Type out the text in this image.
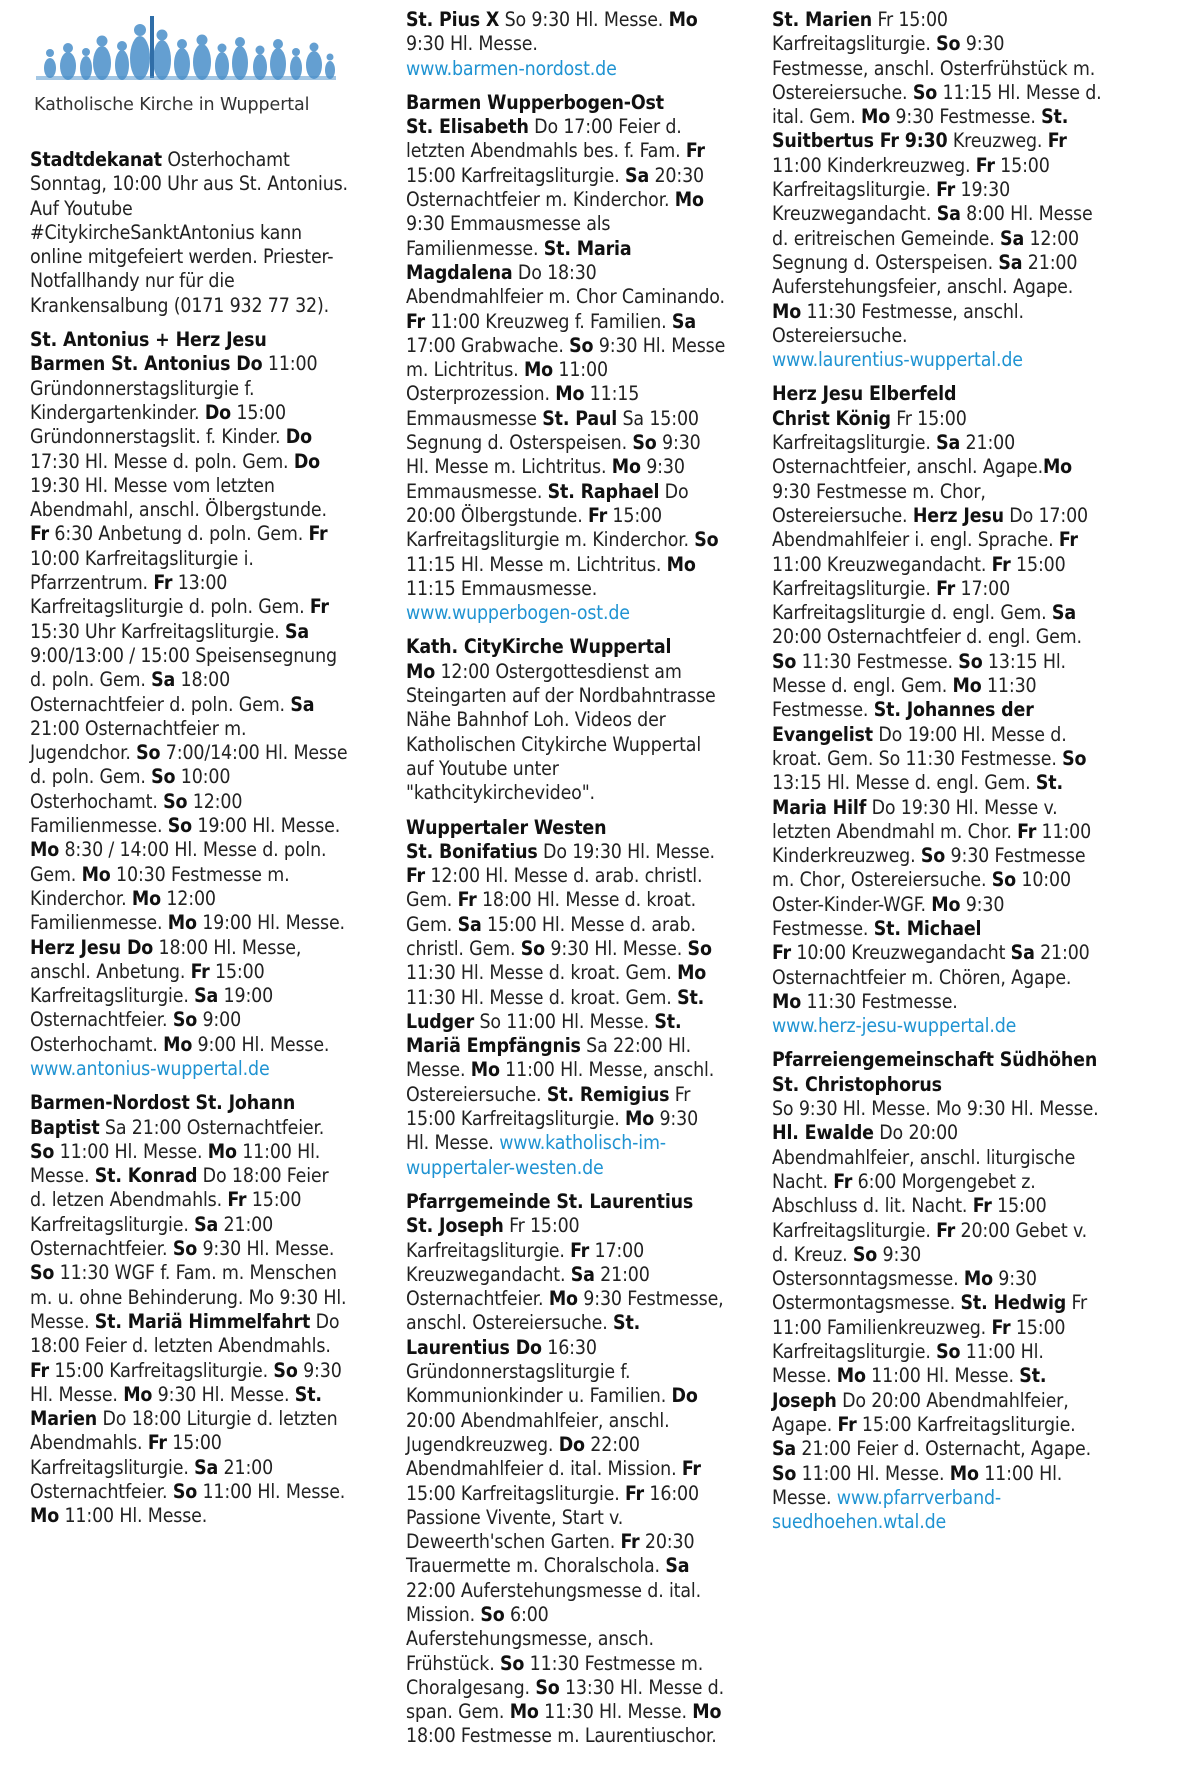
Katholische Kirche in Wuppertal

Stadtdekanat Osterhochamt Sonntag, 10:00 Uhr aus St. Antonius. Auf Youtube #CitykircheSanktAntonius kann online mitgefeiert werden. Priester-Notfallhandy nur für die Krankensalbung (0171 932 77 32).

St. Antonius + Herz Jesu
Barmen St. Antonius Do 11:00 Gründonnerstagsliturgie f. Kindergartenkinder. Do 15:00 Gründonnerstagslit. f. Kinder. Do 17:30 Hl. Messe d. poln. Gem. Do 19:30 Hl. Messe vom letzten Abendmahl, anschl. Ölbergstunde. Fr 6:30 Anbetung d. poln. Gem. Fr 10:00 Karfreitagsliturgie i. Pfarrzentrum. Fr 13:00 Karfreitagsliturgie d. poln. Gem. Fr 15:30 Uhr Karfreitagsliturgie. Sa 9:00/13:00 / 15:00 Speisensegnung d. poln. Gem. Sa 18:00 Osternachtfeier d. poln. Gem. Sa 21:00 Osternachtfeier m. Jugendchor. So 7:00/14:00 Hl. Messe d. poln. Gem. So 10:00 Osterhochamt. So 12:00 Familienmesse. So 19:00 Hl. Messe. Mo 8:30 / 14:00 Hl. Messe d. poln. Gem. Mo 10:30 Festmesse m. Kinderchor. Mo 12:00 Familienmesse. Mo 19:00 Hl. Messe. Herz Jesu Do 18:00 Hl. Messe, anschl. Anbetung. Fr 15:00 Karfreitagsliturgie. Sa 19:00 Osternachtfeier. So 9:00 Osterhochamt. Mo 9:00 Hl. Messe.
www.antonius-wuppertal.de

Barmen-Nordost St. Johann Baptist Sa 21:00 Osternachtfeier. So 11:00 Hl. Messe. Mo 11:00 Hl. Messe. St. Konrad Do 18:00 Feier d. letzen Abendmahls. Fr 15:00 Karfreitagsliturgie. Sa 21:00 Osternachtfeier. So 9:30 Hl. Messe. So 11:30 WGF f. Fam. m. Menschen m. u. ohne Behinderung. Mo 9:30 Hl. Messe. St. Mariä Himmelfahrt Do 18:00 Feier d. letzten Abendmahls. Fr 15:00 Karfreitagsliturgie. So 9:30 Hl. Messe. Mo 9:30 Hl. Messe. St. Marien Do 18:00 Liturgie d. letzten Abendmahls. Fr 15:00 Karfreitagsliturgie. Sa 21:00 Osternachtfeier. So 11:00 Hl. Messe. Mo 11:00 Hl. Messe.

St. Pius X So 9:30 Hl. Messe. Mo 9:30 Hl. Messe.
www.barmen-nordost.de

Barmen Wupperbogen-Ost
St. Elisabeth Do 17:00 Feier d. letzten Abendmahls bes. f. Fam. Fr 15:00 Karfreitagsliturgie. Sa 20:30 Osternachtfeier m. Kinderchor. Mo 9:30 Emmausmesse als Familienmesse. St. Maria Magdalena Do 18:30 Abendmahlfeier m. Chor Caminando. Fr 11:00 Kreuzweg f. Familien. Sa 17:00 Grabwache. So 9:30 Hl. Messe m. Lichtritus. Mo 11:00 Osterprozession. Mo 11:15 Emmausmesse St. Paul Sa 15:00 Segnung d. Osterspeisen. So 9:30 Hl. Messe m. Lichtritus. Mo 9:30 Emmausmesse. St. Raphael Do 20:00 Ölbergstunde. Fr 15:00 Karfreitagsliturgie m. Kinderchor. So 11:15 Hl. Messe m. Lichtritus. Mo 11:15 Emmausmesse.
www.wupperbogen-ost.de

Kath. CityKirche Wuppertal
Mo 12:00 Ostergottesdienst am Steingarten auf der Nordbahntrasse Nähe Bahnhof Loh. Videos der Katholischen Citykirche Wuppertal auf Youtube unter "kathcitykirchevideo".

Wuppertaler Westen
St. Bonifatius Do 19:30 Hl. Messe. Fr 12:00 Hl. Messe d. arab. christl. Gem. Fr 18:00 Hl. Messe d. kroat. Gem. Sa 15:00 Hl. Messe d. arab. christl. Gem. So 9:30 Hl. Messe. So 11:30 Hl. Messe d. kroat. Gem. Mo 11:30 Hl. Messe d. kroat. Gem. St. Ludger So 11:00 Hl. Messe. St. Mariä Empfängnis Sa 22:00 Hl. Messe. Mo 11:00 Hl. Messe, anschl. Ostereiersuche. St. Remigius Fr 15:00 Karfreitagsliturgie. Mo 9:30 Hl. Messe. www.katholisch-im-wuppertaler-westen.de

Pfarrgemeinde St. Laurentius
St. Joseph Fr 15:00 Karfreitagsliturgie. Fr 17:00 Kreuzwegandacht. Sa 21:00 Osternachtfeier. Mo 9:30 Festmesse, anschl. Ostereiersuche. St. Laurentius Do 16:30 Gründonnerstagsliturgie f. Kommunionkinder u. Familien. Do 20:00 Abendmahlfeier, anschl. Jugendkreuzweg. Do 22:00 Abendmahlfeier d. ital. Mission. Fr 15:00 Karfreitagsliturgie. Fr 16:00 Passione Vivente, Start v. Deweerth'schen Garten. Fr 20:30 Trauermette m. Choralschola. Sa 22:00 Auferstehungsmesse d. ital. Mission. So 6:00 Auferstehungsmesse, ansch. Frühstück. So 11:30 Festmesse m. Choralgesang. So 13:30 Hl. Messe d. span. Gem. Mo 11:30 Hl. Messe. Mo 18:00 Festmesse m. Laurentiuschor.

St. Marien Fr 15:00 Karfreitagsliturgie. So 9:30 Festmesse, anschl. Osterfrühstück m. Ostereiersuche. So 11:15 Hl. Messe d. ital. Gem. Mo 9:30 Festmesse. St. Suitbertus Fr 9:30 Kreuzweg. Fr 11:00 Kinderkreuzweg. Fr 15:00 Karfreitagsliturgie. Fr 19:30 Kreuzwegandacht. Sa 8:00 Hl. Messe d. eritreischen Gemeinde. Sa 12:00 Segnung d. Osterspeisen. Sa 21:00 Auferstehungsfeier, anschl. Agape. Mo 11:30 Festmesse, anschl. Ostereiersuche.
www.laurentius-wuppertal.de

Herz Jesu Elberfeld
Christ König Fr 15:00 Karfreitagsliturgie. Sa 21:00 Osternachtfeier, anschl. Agape.Mo 9:30 Festmesse m. Chor, Ostereiersuche. Herz Jesu Do 17:00 Abendmahlfeier i. engl. Sprache. Fr 11:00 Kreuzwegandacht. Fr 15:00 Karfreitagsliturgie. Fr 17:00 Karfreitagsliturgie d. engl. Gem. Sa 20:00 Osternachtfeier d. engl. Gem. So 11:30 Festmesse. So 13:15 Hl. Messe d. engl. Gem. Mo 11:30 Festmesse. St. Johannes der Evangelist Do 19:00 Hl. Messe d. kroat. Gem. So 11:30 Festmesse. So 13:15 Hl. Messe d. engl. Gem. St. Maria Hilf Do 19:30 Hl. Messe v. letzten Abendmahl m. Chor. Fr 11:00 Kinderkreuzweg. So 9:30 Festmesse m. Chor, Ostereiersuche. So 10:00 Oster-Kinder-WGF. Mo 9:30 Festmesse. St. Michael
Fr 10:00 Kreuzwegandacht Sa 21:00 Osternachtfeier m. Chören, Agape. Mo 11:30 Festmesse.
www.herz-jesu-wuppertal.de

Pfarreiengemeinschaft Südhöhen St. Christophorus
So 9:30 Hl. Messe. Mo 9:30 Hl. Messe. Hl. Ewalde Do 20:00 Abendmahlfeier, anschl. liturgische Nacht. Fr 6:00 Morgengebet z. Abschluss d. lit. Nacht. Fr 15:00 Karfreitagsliturgie. Fr 20:00 Gebet v. d. Kreuz. So 9:30 Ostersonntagsmesse. Mo 9:30 Ostermontagsmesse. St. Hedwig Fr 11:00 Familienkreuzweg. Fr 15:00 Karfreitagsliturgie. So 11:00 Hl. Messe. Mo 11:00 Hl. Messe. St. Joseph Do 20:00 Abendmahlfeier, Agape. Fr 15:00 Karfreitagsliturgie. Sa 21:00 Feier d. Osternacht, Agape. So 11:00 Hl. Messe. Mo 11:00 Hl. Messe. www.pfarrverband-suedhoehen.wtal.de
